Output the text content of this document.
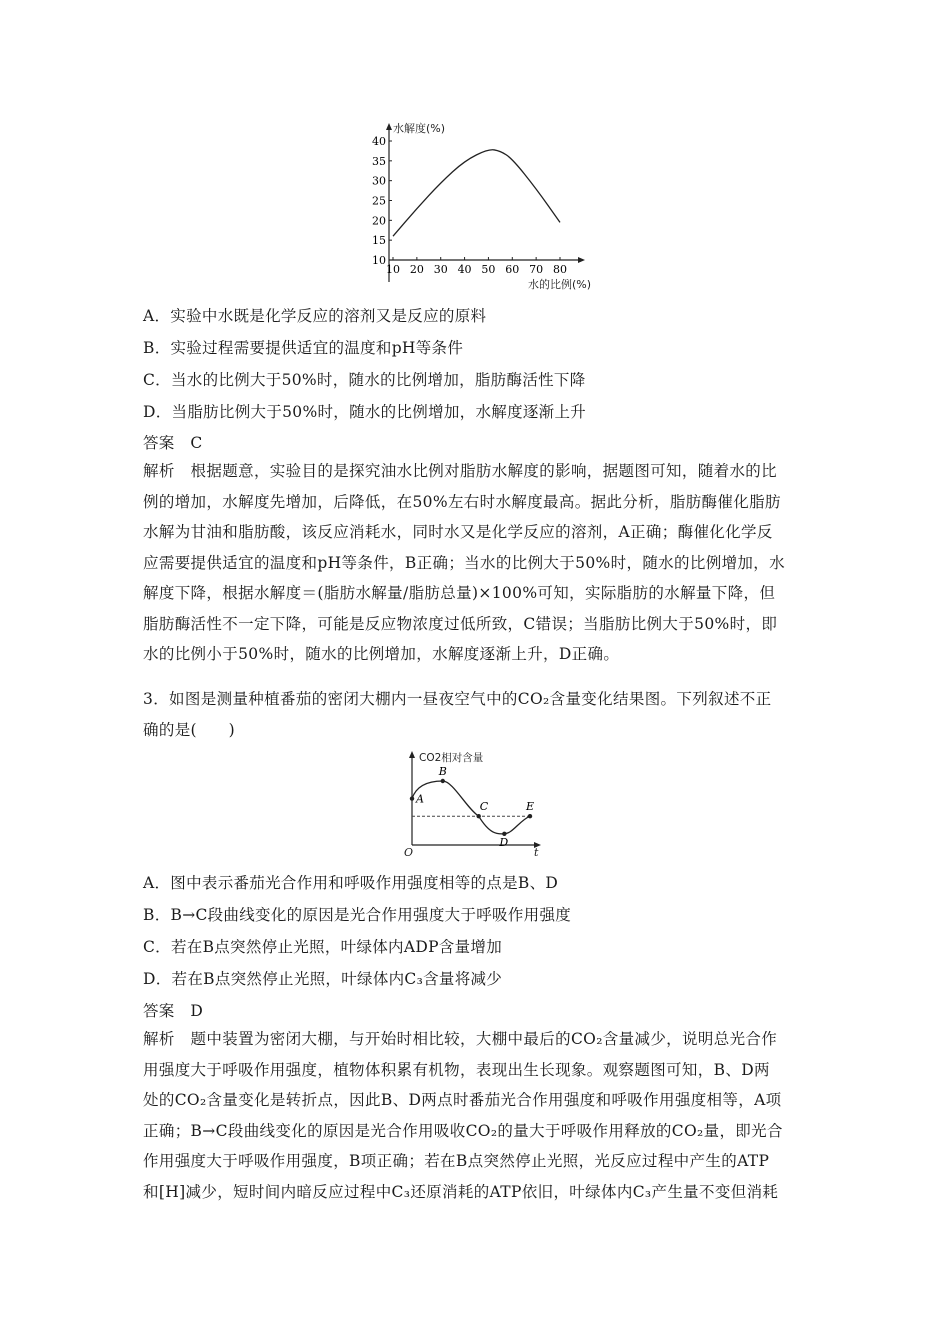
水解度(%)
水的比例(%)
10
15
20
25
30
35
40
10 20 30 40 50 60 70 80
A．实验中水既是化学反应的溶剂又是反应的原料
B．实验过程需要提供适宜的温度和pH等条件
C．当水的比例大于50%时，随水的比例增加，脂肪酶活性下降
D．当脂肪比例大于50%时，随水的比例增加，水解度逐渐上升
答案　 C
解析　根据题意，实验目的是探究油水比例对脂肪水解度的影响，据题图可知，随着水的比
例的增加，水解度先增加，后降低，在50%左右时水解度最高。据此分析，脂肪酶催化脂肪
水解为甘油和脂肪酸，该反应消耗水，同时水又是化学反应的溶剂，A正确；酶催化化学反
应需要提供适宜的温度和pH等条件，B正确；当水的比例大于50%时，随水的比例增加，水
解度下降，根据水解度＝(脂肪水解量/脂肪总量)×100%可知，实际脂肪的水解量下降，但
脂肪酶活性不一定下降，可能是反应物浓度过低所致，C错误；当脂肪比例大于50%时，即
水的比例小于50%时，随水的比例增加，水解度逐渐上升，D正确。
3．如图是测量种植番茄的密闭大棚内一昼夜空气中的CO₂含量变化结果图。下列叙述不正
确的是(　　)
CO2相对含量
O	t
A
B
C
D
E
A．图中表示番茄光合作用和呼吸作用强度相等的点是B、D
B．B→C段曲线变化的原因是光合作用强度大于呼吸作用强度
C．若在B点突然停止光照，叶绿体内ADP含量增加
D．若在B点突然停止光照，叶绿体内C₃含量将减少
答案　 D
解析　题中装置为密闭大棚，与开始时相比较，大棚中最后的CO₂含量减少，说明总光合作
用强度大于呼吸作用强度，植物体积累有机物，表现出生长现象。观察题图可知，B、D两
处的CO₂含量变化是转折点，因此B、D两点时番茄光合作用强度和呼吸作用强度相等，A项
正确；B→C段曲线变化的原因是光合作用吸收CO₂的量大于呼吸作用释放的CO₂量，即光合
作用强度大于呼吸作用强度，B项正确；若在B点突然停止光照，光反应过程中产生的ATP
和[H]减少，短时间内暗反应过程中C₃还原消耗的ATP依旧，叶绿体内C₃产生量不变但消耗
